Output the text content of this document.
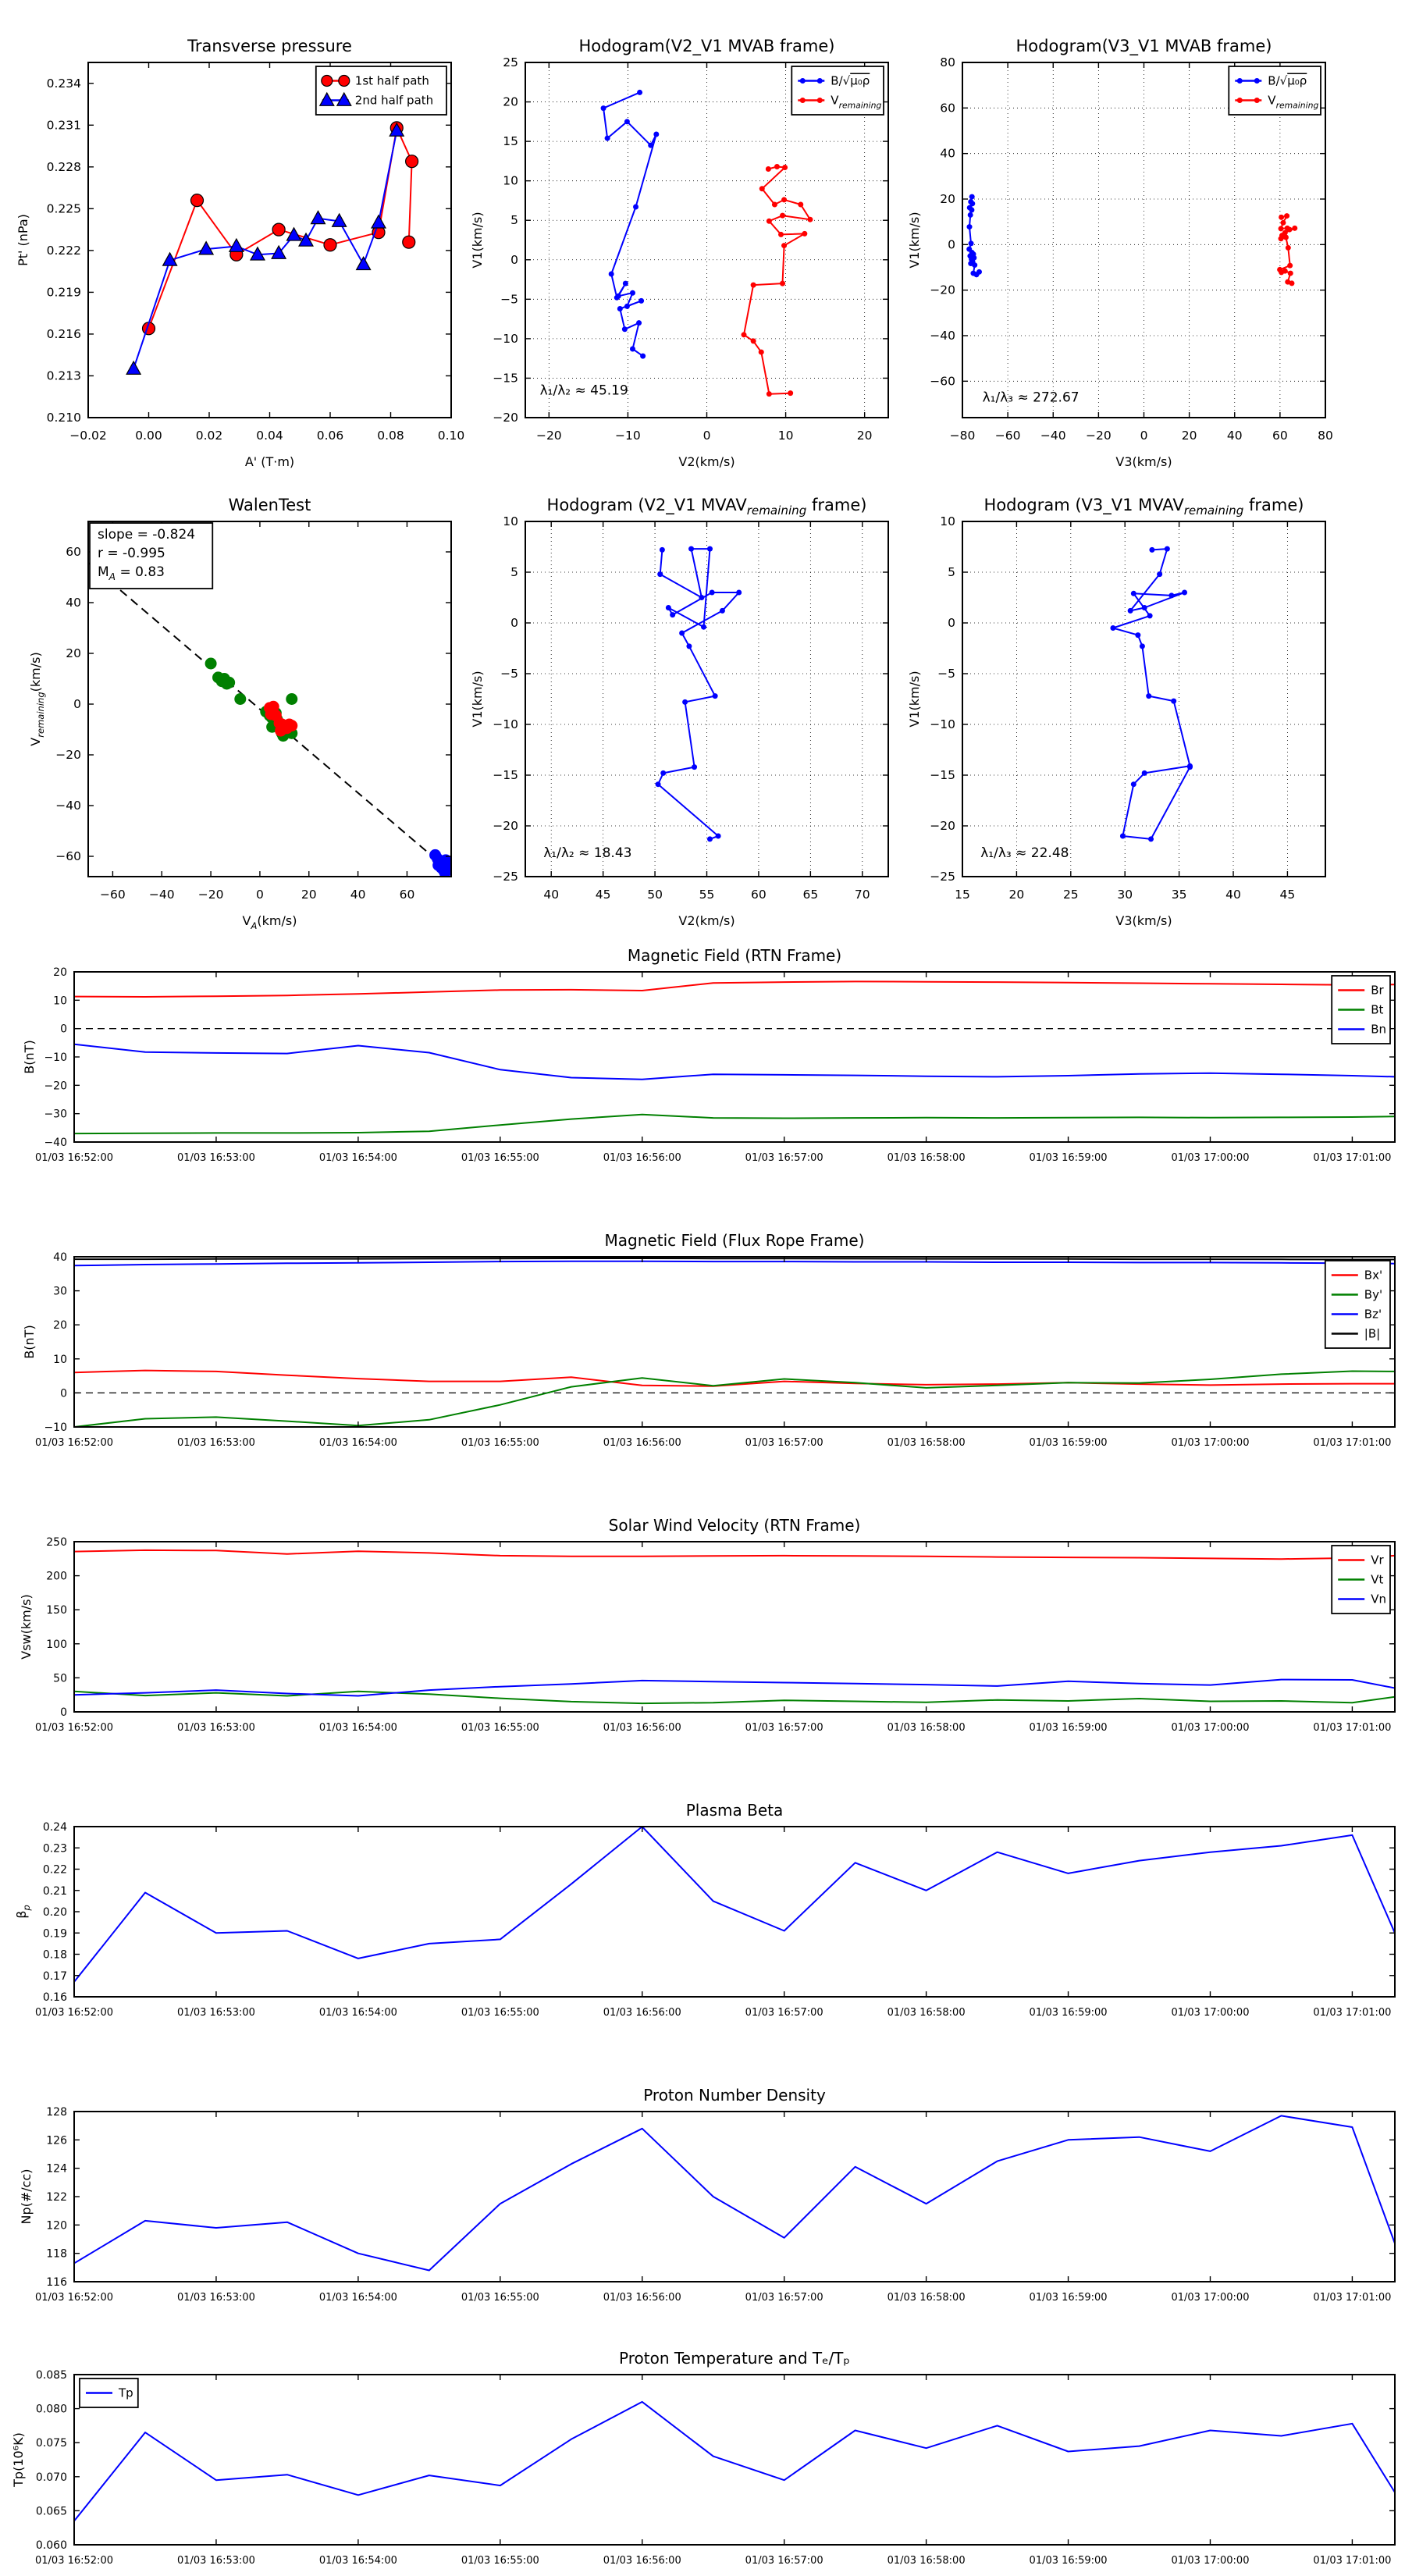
−0.02 0.00	0.02	0.04	0.06	0.08	0.10
0.210
0.213
0.216
0.219
0.222
0.225
0.228
0.231
0.234
Transverse pressure
A' (T·m)
Pt' (nPa)
1st half path
2nd half path
−20	−10	0	10	20
−20
−15
−10
−5
0
5
10
15
20
25
Hodogram(V2_V1 MVAB frame)
V2(km/s)
V1(km/s)
λ₁/λ₂ ≈ 45.19
B/√μ₀ρ
$V_{remaining}$
−80 −60 −40 −20 0	20 40 60 80
−60
−40
−20
0
20
40
60
80
Hodogram(V3_V1 MVAB frame)
V3(km/s)
V1(km/s)
λ₁/λ₃ ≈ 272.67
B/√μ₀ρ
$V_{remaining}$
−60 −40 −20	0	20	40	60
−60
−40
−20
0
20
40
60
WalenTest
$V_A(km/s)$
$V_{remaining}(km/s)$
slope = -0.824
r = -0.995
$M_A = 0.83$
40	45	50	55	60	65	70
−25
−20
−15
−10
−5
0
5
10
Hodogram (V2_V1 $MVAV_{remaining}$ frame)
V2(km/s)
V1(km/s)
λ₁/λ₂ ≈ 18.43
15	20	25	30	35	40	45
−25
−20
−15
−10
−5
0
5
10
Hodogram (V3_V1 $MVAV_{remaining}$ frame)
V3(km/s)
V1(km/s)
λ₁/λ₃ ≈ 22.48
01/03 16:52:00	01/03 16:53:00	01/03 16:54:00	01/03 16:55:00	01/03 16:56:00	01/03 16:57:00	01/03 16:58:00	01/03 16:59:00	01/03 17:00:00	01/03 17:01:00
−40
−30
−20
−10
0
10
20
Magnetic Field (RTN Frame)
B(nT)
Br
Bt
Bn
01/03 16:52:00	01/03 16:53:00	01/03 16:54:00	01/03 16:55:00	01/03 16:56:00	01/03 16:57:00	01/03 16:58:00	01/03 16:59:00	01/03 17:00:00	01/03 17:01:00
−10
0
10
20
30
40
Magnetic Field (Flux Rope Frame)
B(nT)
Bx'
By'
Bz'
|B|
01/03 16:52:00	01/03 16:53:00	01/03 16:54:00	01/03 16:55:00	01/03 16:56:00	01/03 16:57:00	01/03 16:58:00	01/03 16:59:00	01/03 17:00:00	01/03 17:01:00
0
50
100
150
200
250
Solar Wind Velocity (RTN Frame)
Vsw(km/s)
Vr
Vt
Vn
01/03 16:52:00	01/03 16:53:00	01/03 16:54:00	01/03 16:55:00	01/03 16:56:00	01/03 16:57:00	01/03 16:58:00	01/03 16:59:00	01/03 17:00:00	01/03 17:01:00
0.16
0.17
0.18
0.19
0.20
0.21
0.22
0.23
0.24
Plasma Beta
$\beta_p$
01/03 16:52:00	01/03 16:53:00	01/03 16:54:00	01/03 16:55:00	01/03 16:56:00	01/03 16:57:00	01/03 16:58:00	01/03 16:59:00	01/03 17:00:00	01/03 17:01:00
116
118
120
122
124
126
128
Proton Number Density
Np(#/cc)
01/03 16:52:00	01/03 16:53:00	01/03 16:54:00	01/03 16:55:00	01/03 16:56:00	01/03 16:57:00	01/03 16:58:00	01/03 16:59:00	01/03 17:00:00	01/03 17:01:00
0.060
0.065
0.070
0.075
0.080
0.085
Proton Temperature and Tₑ/Tₚ
Tp(10⁶K)
Tp
